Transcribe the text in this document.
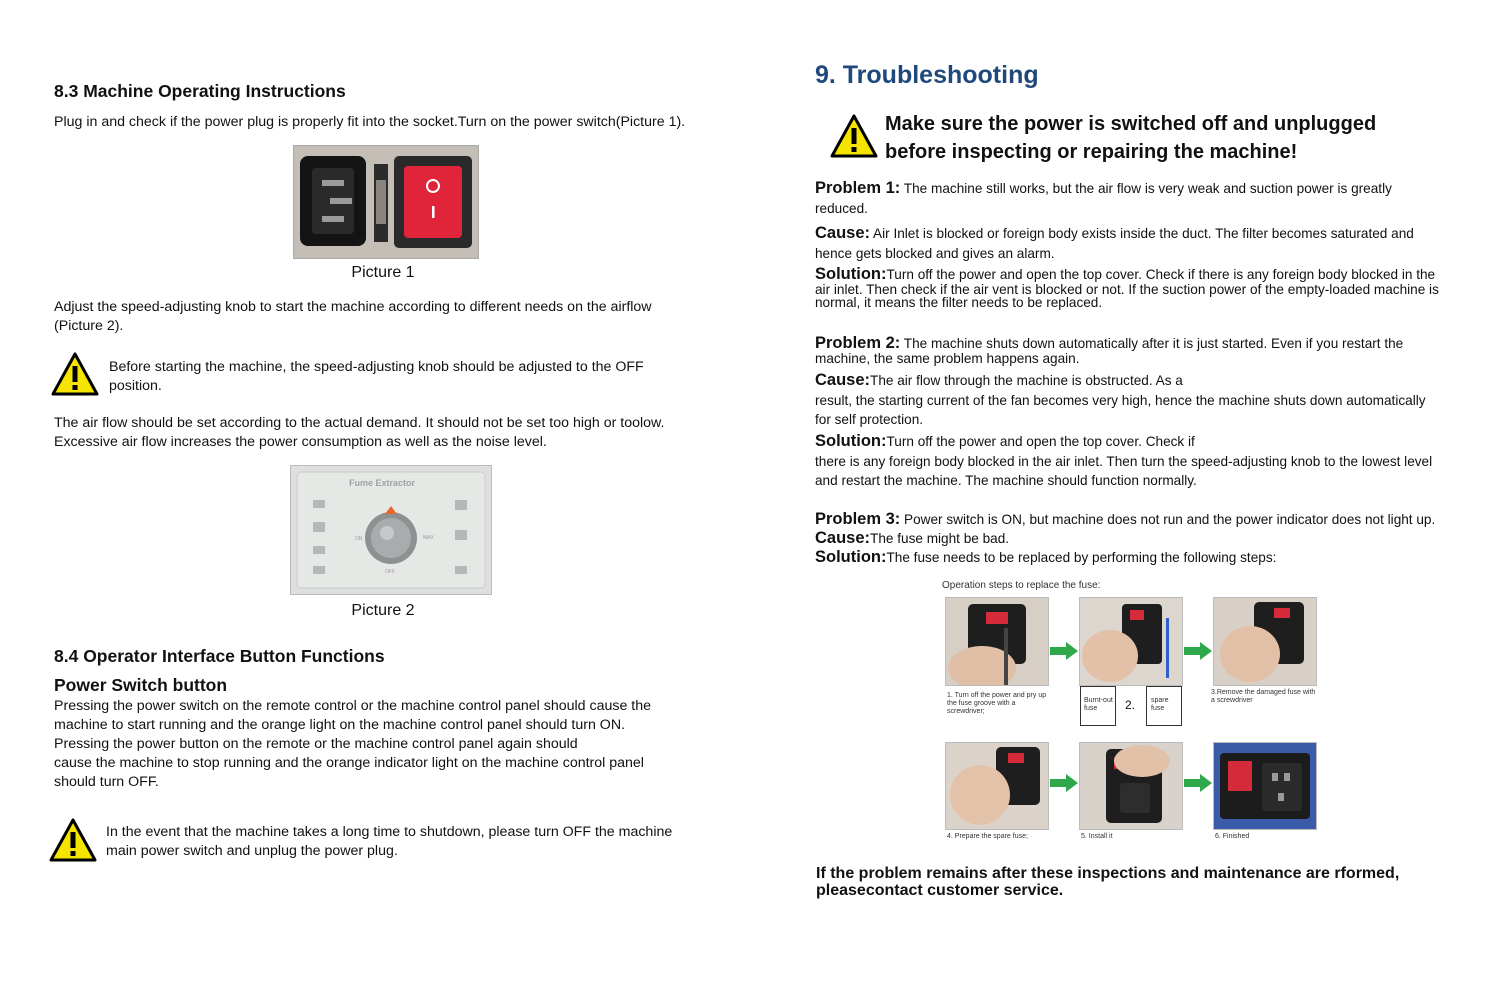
8.3 Machine Operating Instructions
Plug in and check if the power plug is properly fit into the socket.Turn on the power switch(Picture 1).
Picture 1
Adjust the speed-adjusting knob to start the machine according to different needs on the airflow
(Picture 2).
Before starting the machine, the speed-adjusting knob should be adjusted to the OFF
position.
The air flow should be set according to the actual demand. It should not be set too high or toolow.
Excessive air flow increases the power consumption as well as the noise level.
Fume Extractor
ON	MAX
OFF
Picture 2
8.4 Operator Interface Button Functions
Power Switch button
Pressing the power switch on the remote control or the machine control panel should cause the
machine to start running and the orange light on the machine control panel should turn ON.
Pressing the power button on the remote or the machine control panel again should
cause the machine to stop running and the orange indicator light on the machine control panel
should turn OFF.
In the event that the machine takes a long time to shutdown, please turn OFF the machine
main power switch and unplug the power plug.
9. Troubleshooting
Make sure the power is switched off and unplugged
before inspecting or repairing the machine!
Problem 1: The machine still works, but the air flow is very weak and suction power is greatly
reduced.
Cause: Air Inlet is blocked or foreign body exists inside the duct. The filter becomes saturated and
hence gets blocked and gives an alarm.
Solution:Turn off the power and open the top cover. Check if there is any foreign body blocked in the
air inlet. Then check if the air vent is blocked or not. If the suction power of the empty-loaded machine is
normal, it means the filter needs to be replaced.
Problem 2: The machine shuts down automatically after it is just started. Even if you restart the
machine, the same problem happens again.
Cause:The air flow through the machine is obstructed. As a
result, the starting current of the fan becomes very high, hence the machine shuts down automatically
for self protection.
Solution:Turn off the power and open the top cover. Check if
there is any foreign body blocked in the air inlet. Then turn the speed-adjusting knob to the lowest level
and restart the machine. The machine should function normally.
Problem 3: Power switch is ON, but machine does not run and the power indicator does not light up.
Cause:The fuse might be bad.
Solution:The fuse needs to be replaced by performing the following steps:
Operation steps to replace the fuse:
1. Turn off the power and pry up the fuse groove with a screwdriver;
Burnt-out fuse	2. spare fuse
3.Remove the damaged fuse with a screwdriver
4. Prepare the spare fuse;	5. Install it	6. Finished
If the problem remains after these inspections and maintenance are rformed,
pleasecontact customer service.
